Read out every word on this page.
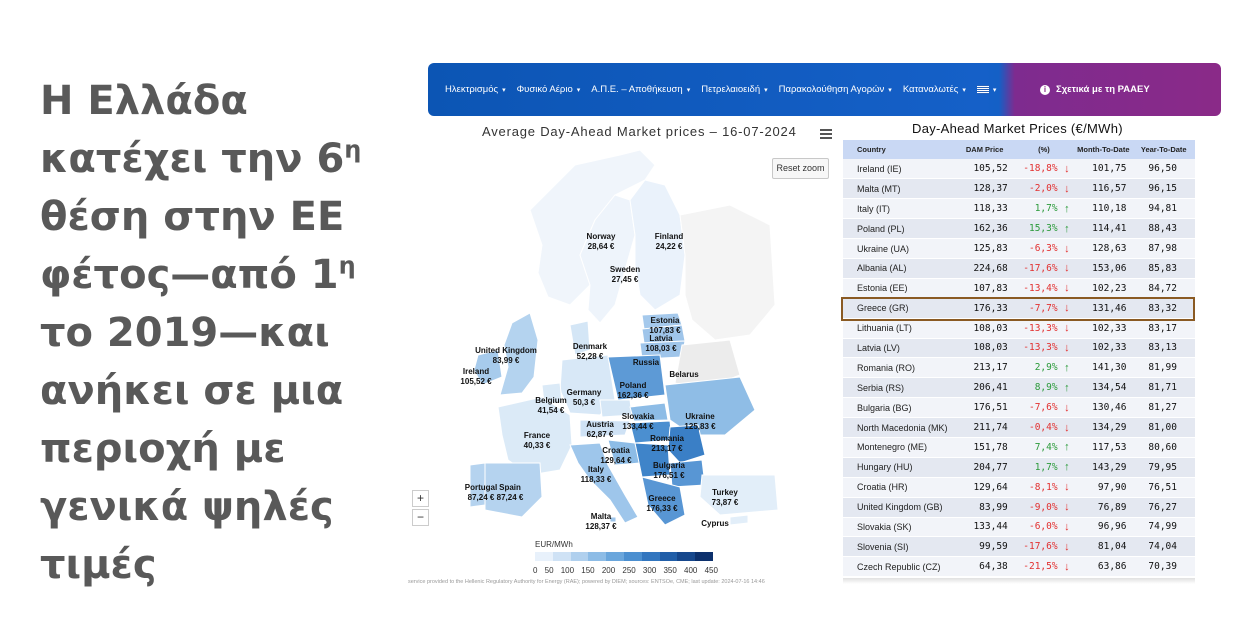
Η Ελλάδα
κατέχει την $6^\eta$
θέση στην ΕΕ
φέτος—από $1^\eta$
το 2019—και
ανήκει σε μια
περιοχή με
γενικά ψηλές
τιμές
Ηλεκτρισμός ▾ Φυσικό Αέριο ▾ Α.Π.Ε. – Αποθήκευση ▾ Πετρελαιοειδή ▾ Παρακολούθηση Αγορών ▾ Καταναλωτές ▾	▾	i	Σχετικά με τη ΡΑΑΕΥ
Average Day-Ahead Market prices – 16-07-2024
Reset zoom
Norway
28,64 €
Finland
24,22 €
Sweden
27,45 €
Estonia
107,83 €
Latvia
108,03 €
Denmark
52,28 €
Russia
United Kingdom
83,99 €
Ireland
105,52 €	Poland
162,36 €
Belarus
Germany
50,3 €
Belgium
41,54 €
Slovakia
133,44 €
Ukraine
125,83 €
Austria
62,87 €
France
40,33 €
Romania
213,17 €
Croatia
129,64 €
Bulgaria
176,51 €
Italy
118,33 €
Portugal
87,24 €
Spain
87,24 €	Turkey
73,87 €
Greece
176,33 €
Malta
128,37 €	Cyprus
+
−
EUR/MWh
0 50 100 150 200 250 300 350 400 450
service provided to the Hellenic Regulatory Authority for Energy (RAE); powered by DIEM; sources: ENTSOe, CME; last update: 2024-07-16 14:46
Day-Ahead Market Prices (€/MWh)
Country	DAM Price	(%)		Month-To-Date	Year-To-Date
Ireland (IE)	105,52	-18,8%	↓	101,75	96,50
Malta (MT)	128,37	-2,0%	↓	116,57	96,15
Italy (IT)	118,33	1,7%	↑	110,18	94,81
Poland (PL)	162,36	15,3%	↑	114,41	88,43
Ukraine (UA)	125,83	-6,3%	↓	128,63	87,98
Albania (AL)	224,68	-17,6%	↓	153,06	85,83
Estonia (EE)	107,83	-13,4%	↓	102,23	84,72
Greece (GR)	176,33	-7,7%	↓	131,46	83,32
Lithuania (LT)	108,03	-13,3%	↓	102,33	83,17
Latvia (LV)	108,03	-13,3%	↓	102,33	83,13
Romania (RO)	213,17	2,9%	↑	141,30	81,99
Serbia (RS)	206,41	8,9%	↑	134,54	81,71
Bulgaria (BG)	176,51	-7,6%	↓	130,46	81,27
North Macedonia (MK)	211,74	-0,4%	↓	134,29	81,00
Montenegro (ME)	151,78	7,4%	↑	117,53	80,60
Hungary (HU)	204,77	1,7%	↑	143,29	79,95
Croatia (HR)	129,64	-8,1%	↓	97,90	76,51
United Kingdom (GB)	83,99	-9,0%	↓	76,89	76,27
Slovakia (SK)	133,44	-6,0%	↓	96,96	74,99
Slovenia (SI)	99,59	-17,6%	↓	81,04	74,04
Czech Republic (CZ)	64,38	-21,5%	↓	63,86	70,39
